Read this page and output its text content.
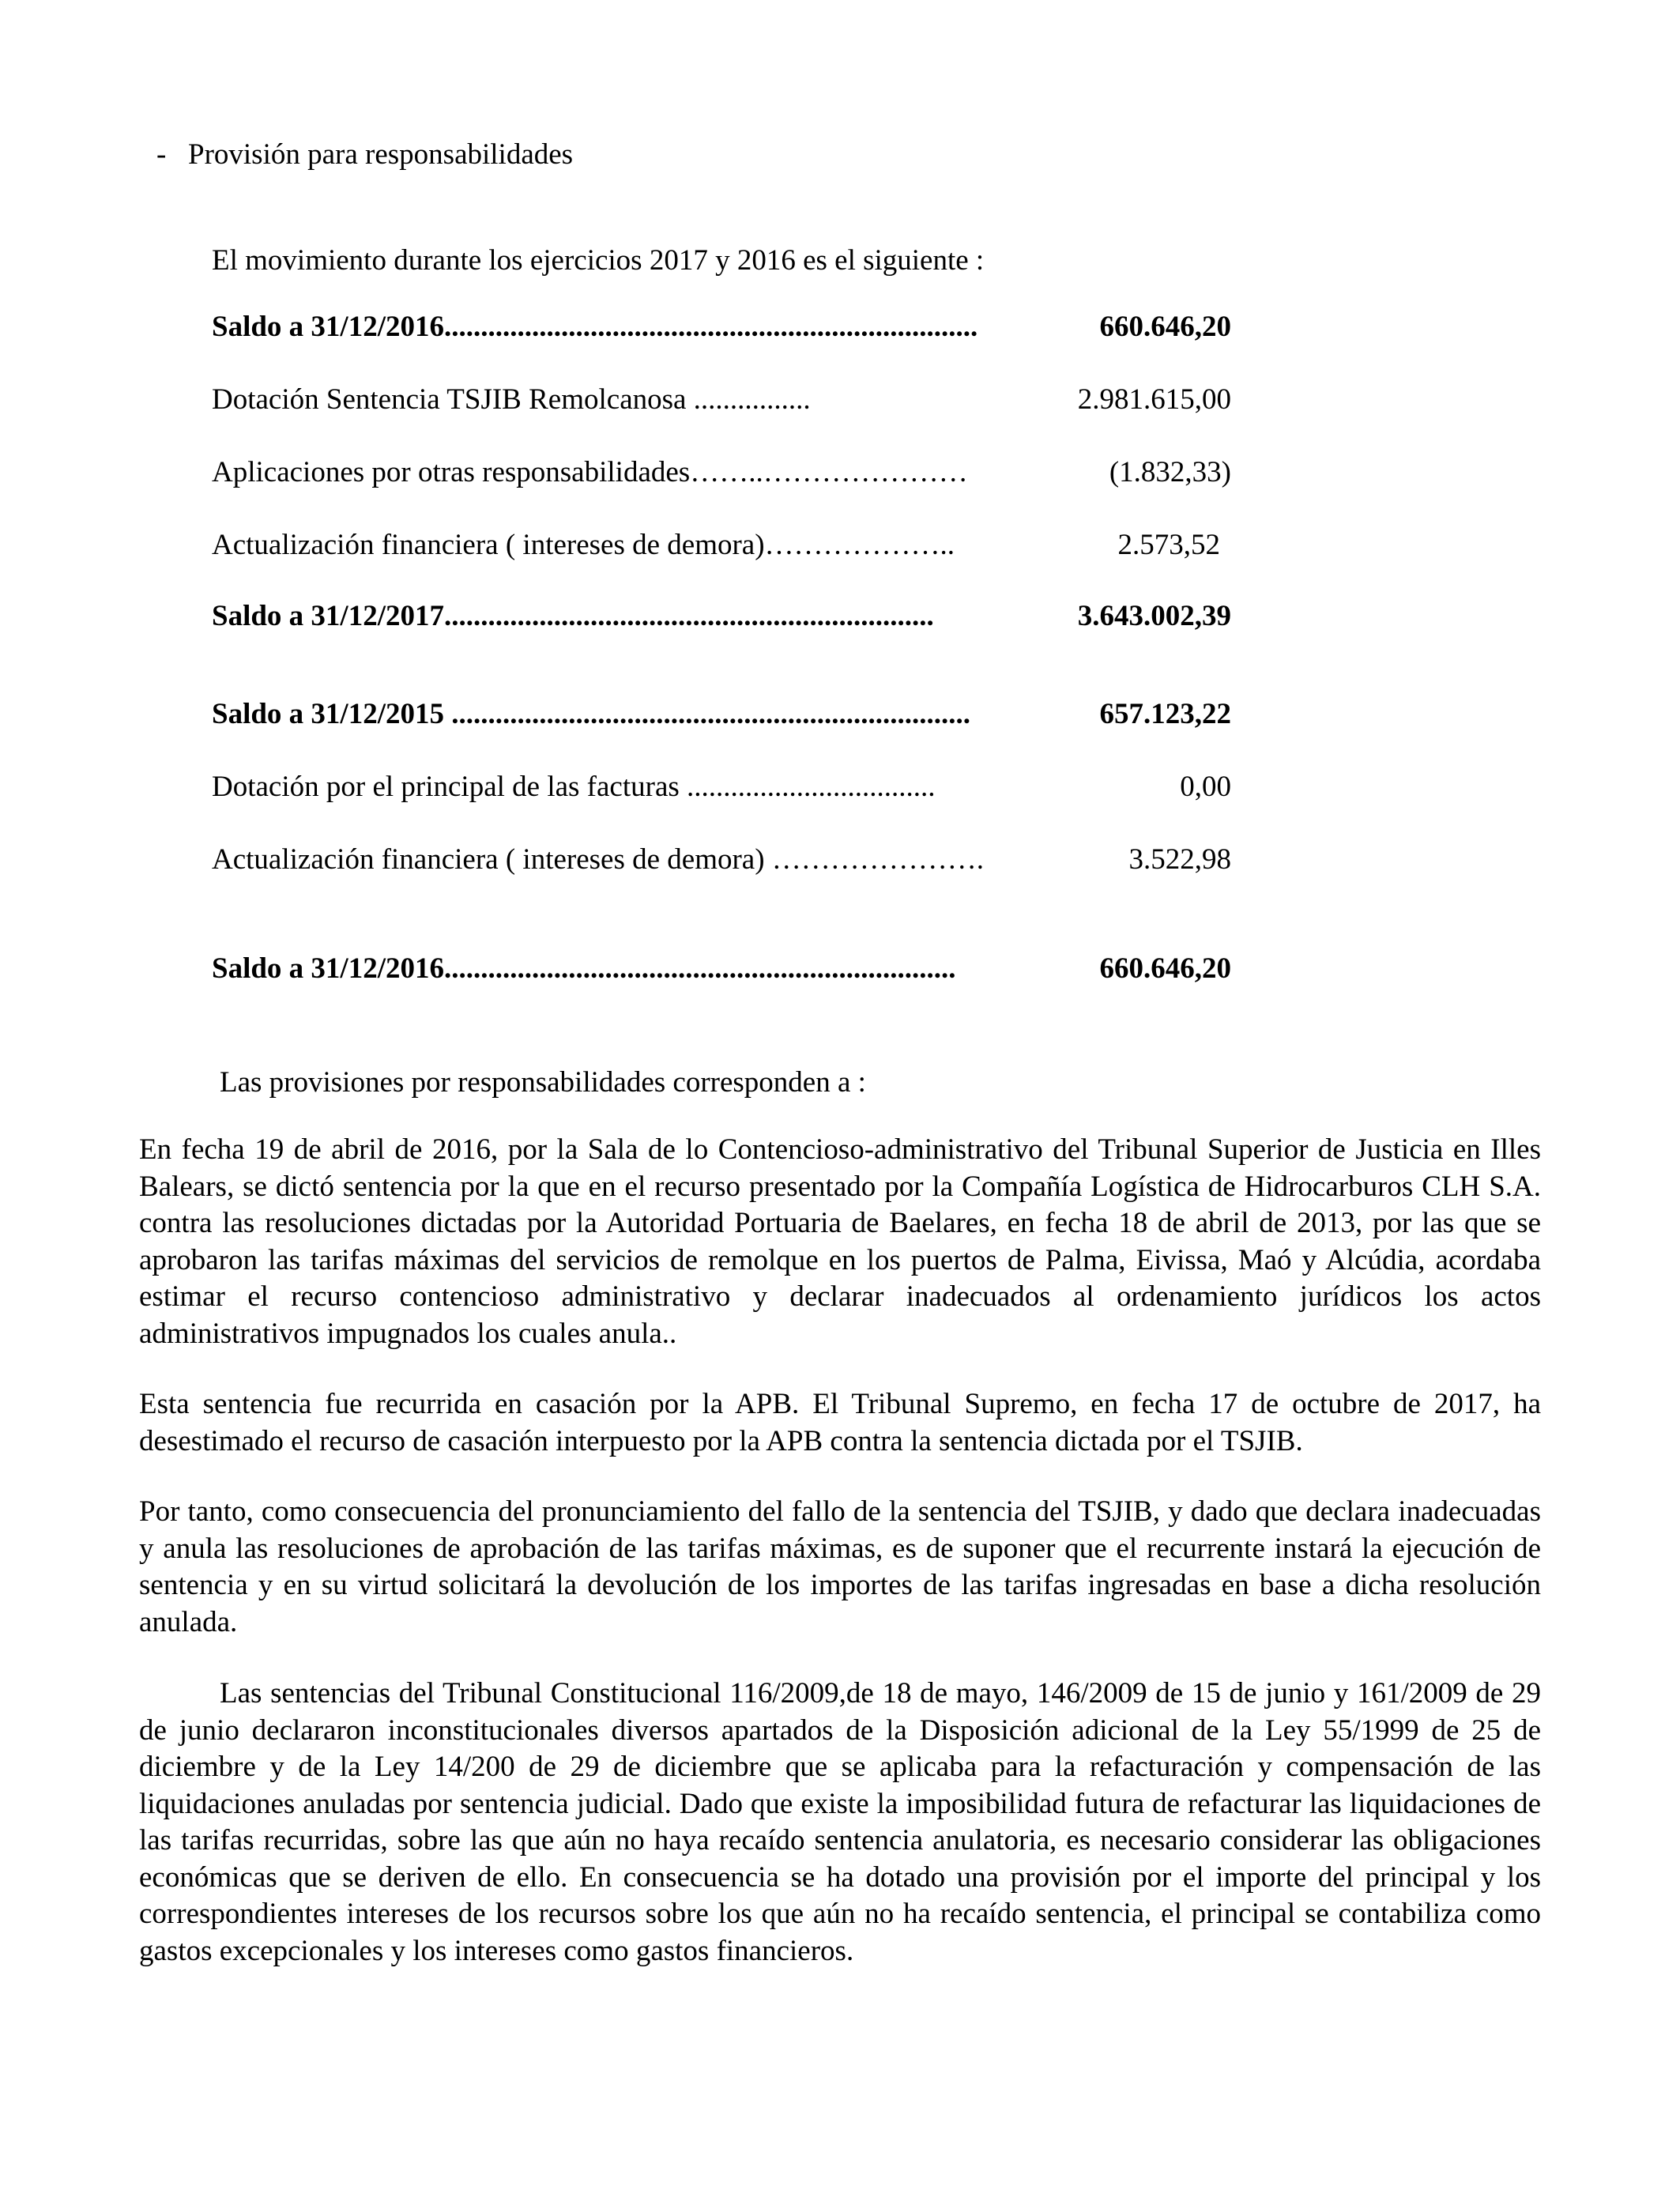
- Provisión para responsabilidades
El movimiento durante los ejercicios 2017 y 2016 es el siguiente :
Saldo a 31/12/2016.........................................................................	660.646,20
Dotación Sentencia TSJIB Remolcanosa ................	2.981.615,00
Aplicaciones por otras responsabilidades……..…………………	(1.832,33)
Actualización financiera ( intereses de demora)………………..	2.573,52
Saldo a 31/12/2017...................................................................	3.643.002,39
Saldo a 31/12/2015 .......................................................................	657.123,22
Dotación por el principal de las facturas ..................................	0,00
Actualización financiera ( intereses de demora) ………………….	3.522,98
Saldo a 31/12/2016......................................................................	660.646,20
Las provisiones por responsabilidades corresponden a :

En fecha 19 de abril de 2016, por la Sala de lo Contencioso-administrativo del Tribunal Superior de Justicia en Illes Balears, se dictó sentencia por la que en el recurso presentado por la Compañía Logística de Hidrocarburos CLH S.A. contra las resoluciones dictadas por la Autoridad Portuaria de Baelares, en fecha 18 de abril de 2013, por las que se aprobaron las tarifas máximas del servicios de remolque en los puertos de Palma, Eivissa, Maó y Alcúdia, acordaba estimar el recurso contencioso administrativo y declarar inadecuados al ordenamiento jurídicos los actos administrativos impugnados los cuales anula..

Esta sentencia fue recurrida en casación por la APB. El Tribunal Supremo, en fecha 17 de octubre de 2017, ha desestimado el recurso de casación interpuesto por la APB contra la sentencia dictada por el TSJIB.

Por tanto, como consecuencia del pronunciamiento del fallo de la sentencia del TSJIB, y dado que declara inadecuadas y anula las resoluciones de aprobación de las tarifas máximas, es de suponer que el recurrente instará la ejecución de sentencia y en su virtud solicitará la devolución de los importes de las tarifas ingresadas en base a dicha resolución anulada.

Las sentencias del Tribunal Constitucional 116/2009,de 18 de mayo, 146/2009 de 15 de junio y 161/2009 de 29 de junio declararon inconstitucionales diversos apartados de la Disposición adicional de la Ley 55/1999 de 25 de diciembre y de la Ley 14/200 de 29 de diciembre que se aplicaba para la refacturación y compensación de las liquidaciones anuladas por sentencia judicial. Dado que existe la imposibilidad futura de refacturar las liquidaciones de las tarifas recurridas, sobre las que aún no haya recaído sentencia anulatoria, es necesario considerar las obligaciones económicas que se deriven de ello. En consecuencia se ha dotado una provisión por el importe del principal y los correspondientes intereses de los recursos sobre los que aún no ha recaído sentencia, el principal se contabiliza como gastos excepcionales y los intereses como gastos financieros.
